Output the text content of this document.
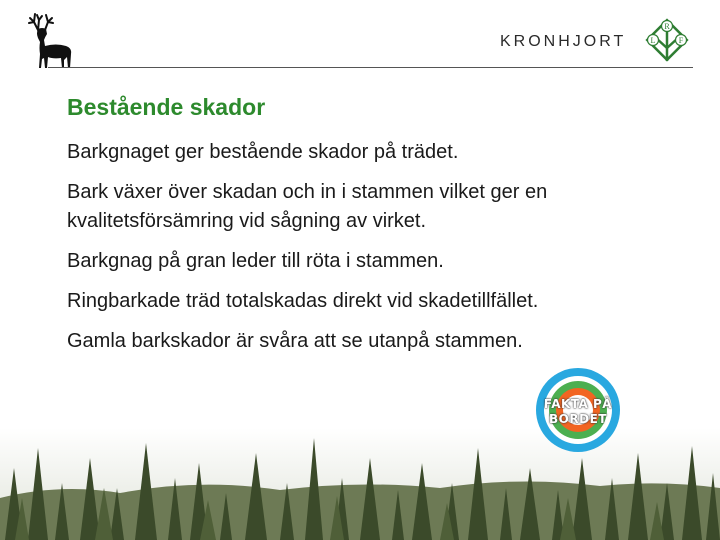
KRONHJORT
R
L	F
Bestående skador

Barkgnaget ger bestående skador på trädet.

Bark växer över skadan och in i stammen vilket ger en kvalitetsförsämring vid sågning av virket.

Barkgnag på gran leder till röta i stammen.

Ringbarkade träd totalskadas direkt vid skadetillfället.

Gamla barkskador är svåra att se utanpå stammen.

FAKTA PÅ
BORDET
